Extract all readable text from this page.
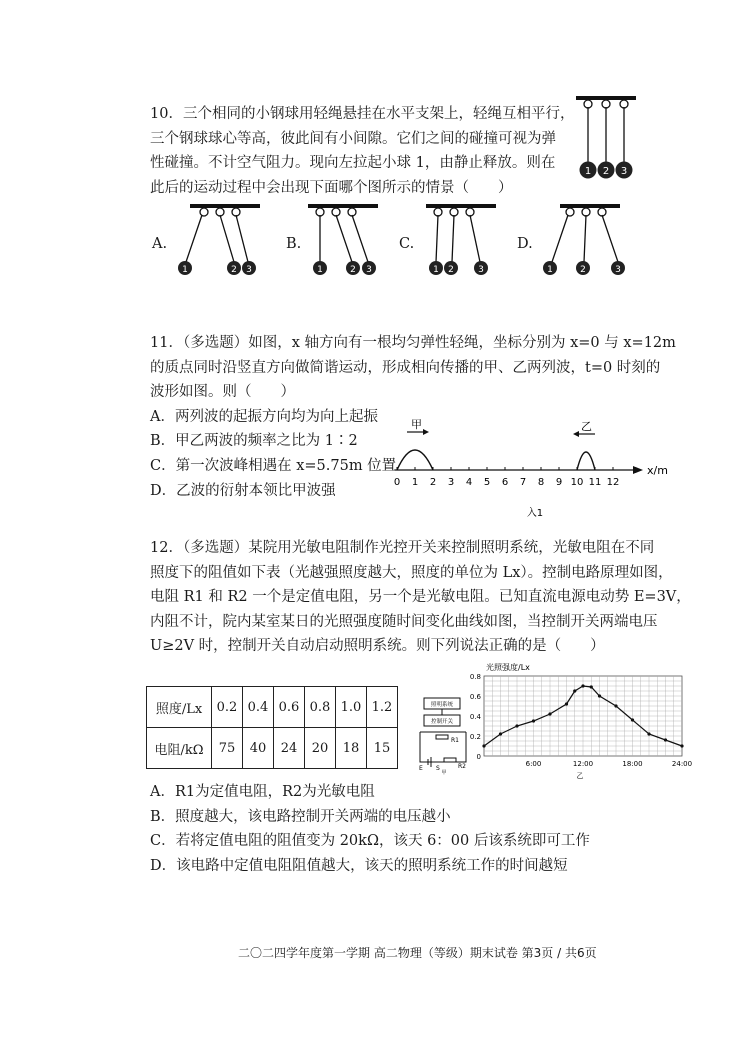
10．三个相同的小钢球用轻绳悬挂在水平支架上，轻绳互相平行，

三个钢球球心等高，彼此间有小间隙。它们之间的碰撞可视为弹

性碰撞。不计空气阻力。现向左拉起小球 1，由静止释放。则在

此后的运动过程中会出现下面哪个图所示的情景（　　）

1 2 3
A.	B.	C.	D.
1	2 3	1	2 3	1 2	3	1	2	3

11．（多选题）如图，x 轴方向有一根均匀弹性轻绳，坐标分别为 x=0 与 x=12m

的质点同时沿竖直方向做简谐运动，形成相向传播的甲、乙两列波，t=0 时刻的

波形如图。则（　　）

A．两列波的起振方向均为向上起振

B．甲乙两波的频率之比为 1∶2

C．第一次波峰相遇在 x=5.75m 位置

D．乙波的衍射本领比甲波强

x/m
0 1 2 3 4 5 6 7 8 9 10 11 12
甲	乙
入1

12．（多选题）某院用光敏电阻制作光控开关来控制照明系统，光敏电阻在不同

照度下的阻值如下表（光越强照度越大，照度的单位为 Lx）。控制电路原理如图，

电阻 R1 和 R2 一个是定值电阻，另一个是光敏电阻。已知直流电源电动势 E=3V，

内阻不计，院内某室某日的光照强度随时间变化曲线如图，当控制开关两端电压

U≥2V 时，控制开关自动启动照明系统。则下列说法正确的是（　　）

照度/Lx	0.2	0.4	0.6	0.8	1.0	1.2
电阻/kΩ	75	40	24	20	18	15
照明系统
控制开关
R1
R2
E S
甲
光照强度/Lx
0.8
0.6
0.4
0.2
0
6:00	12:00	18:00	24:00
乙

A．R1为定值电阻，R2为光敏电阻

B．照度越大，该电路控制开关两端的电压越小

C．若将定值电阻的阻值变为 20kΩ，该天 6：00 后该系统即可工作

D．该电路中定值电阻阻值越大，该天的照明系统工作的时间越短

二〇二四学年度第一学期 高二物理（等级）期末试卷 第3页 / 共6页
